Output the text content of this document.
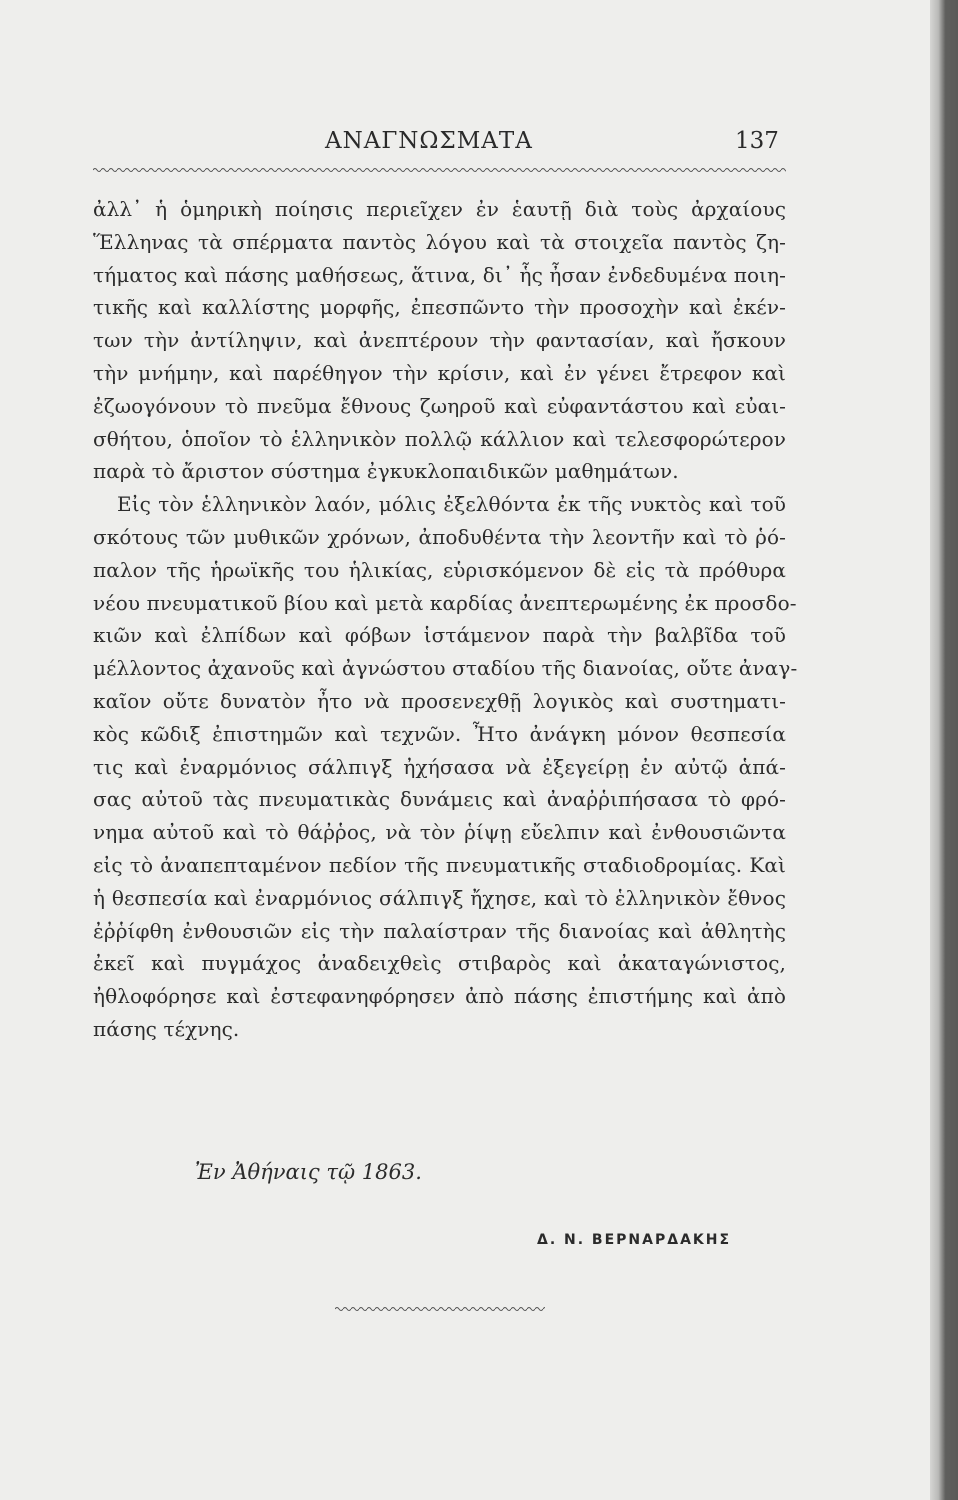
ΑΝΑΓΝΩΣΜΑΤΑ	137
ἀλλ᾽ ἡ ὁμηρικὴ ποίησις περιεῖχεν ἐν ἑαυτῇ διὰ τοὺς ἀρχαίους
Ἕλληνας τὰ σπέρματα παντὸς λόγου καὶ τὰ στοιχεῖα παντὸς ζη-
τήματος καὶ πάσης μαθήσεως, ἅτινα, δι᾽ ἧς ἦσαν ἐνδεδυμένα ποιη-
τικῆς καὶ καλλίστης μορφῆς, ἐπεσπῶντο τὴν προσοχὴν καὶ ἐκέν-
των τὴν ἀντίληψιν, καὶ ἀνεπτέρουν τὴν φαντασίαν, καὶ ἤσκουν
τὴν μνήμην, καὶ παρέθηγον τὴν κρίσιν, καὶ ἐν γένει ἔτρεφον καὶ
ἐζωογόνουν τὸ πνεῦμα ἔθνους ζωηροῦ καὶ εὐφαντάστου καὶ εὐαι-
σθήτου, ὁποῖον τὸ ἑλληνικὸν πολλῷ κάλλιον καὶ τελεσφορώτερον
παρὰ τὸ ἄριστον σύστημα ἐγκυκλοπαιδικῶν μαθημάτων.
Εἰς τὸν ἑλληνικὸν λαόν, μόλις ἐξελθόντα ἐκ τῆς νυκτὸς καὶ τοῦ
σκότους τῶν μυθικῶν χρόνων, ἀποδυθέντα τὴν λεοντῆν καὶ τὸ ῥό-
παλον τῆς ἡρωϊκῆς του ἡλικίας, εὑρισκόμενον δὲ εἰς τὰ πρόθυρα
νέου πνευματικοῦ βίου καὶ μετὰ καρδίας ἀνεπτερωμένης ἐκ προσδο-
κιῶν καὶ ἐλπίδων καὶ φόβων ἱστάμενον παρὰ τὴν βαλβῖδα τοῦ
μέλλοντος ἀχανοῦς καὶ ἀγνώστου σταδίου τῆς διανοίας, οὔτε ἀναγ-
καῖον οὔτε δυνατὸν ἦτο νὰ προσενεχθῇ λογικὸς καὶ συστηματι-
κὸς κῶδιξ ἐπιστημῶν καὶ τεχνῶν. Ἦτο ἀνάγκη μόνον θεσπεσία
τις καὶ ἐναρμόνιος σάλπιγξ ἠχήσασα νὰ ἐξεγείρῃ ἐν αὐτῷ ἁπά-
σας αὐτοῦ τὰς πνευματικὰς δυνάμεις καὶ ἀναῤῥιπήσασα τὸ φρό-
νημα αὐτοῦ καὶ τὸ θάῤῥος, νὰ τὸν ῥίψῃ εὔελπιν καὶ ἐνθουσιῶντα
εἰς τὸ ἀναπεπταμένον πεδίον τῆς πνευματικῆς σταδιοδρομίας. Καὶ
ἡ θεσπεσία καὶ ἐναρμόνιος σάλπιγξ ἤχησε, καὶ τὸ ἑλληνικὸν ἔθνος
ἐῤῥίφθη ἐνθουσιῶν εἰς τὴν παλαίστραν τῆς διανοίας καὶ ἀθλητὴς
ἐκεῖ καὶ πυγμάχος ἀναδειχθεὶς στιβαρὸς καὶ ἀκαταγώνιστος,
ἠθλοφόρησε καὶ ἐστεφανηφόρησεν ἀπὸ πάσης ἐπιστήμης καὶ ἀπὸ
πάσης τέχνης.
Ἐν Ἀθήναις τῷ 1863.
Δ. Ν. ΒΕΡΝΑΡΔΑΚΗΣ
